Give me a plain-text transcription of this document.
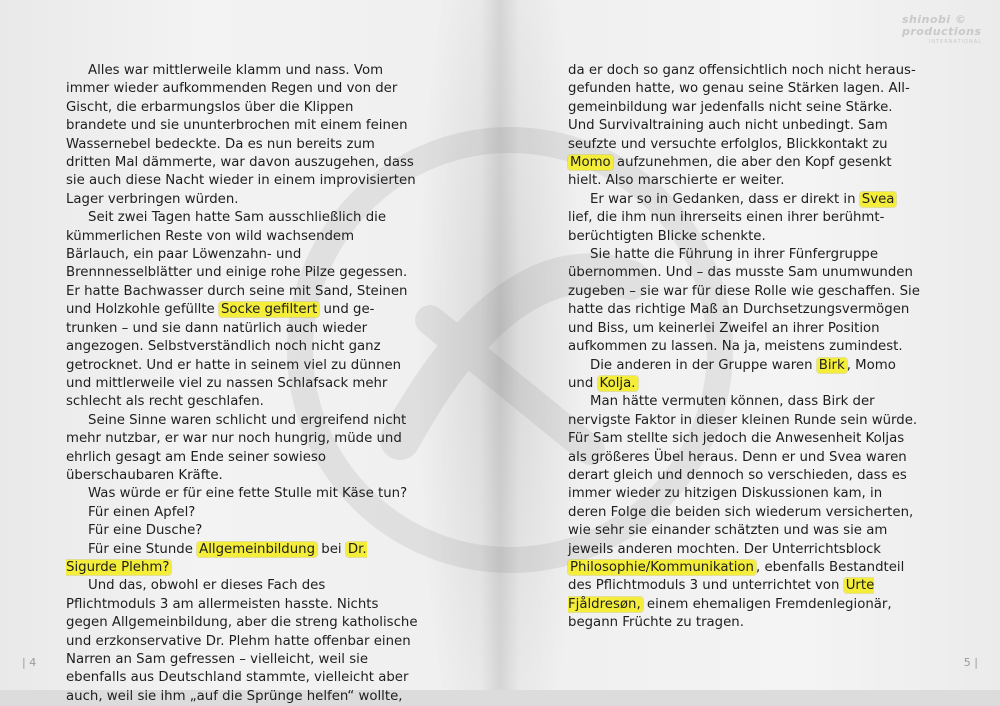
shinobi ©
productions
INTERNATIONAL

Alles war mittlerweile klamm und nass. Vom immer wieder aufkommenden Regen und von der Gischt, die erbarmungslos über die Klippen brandete und sie ununterbrochen mit einem feinen Wassernebel bedeckte. Da es nun bereits zum dritten Mal dämmerte, war davon auszugehen, dass sie auch diese Nacht wieder in einem improvisierten Lager verbringen würden.

Seit zwei Tagen hatte Sam ausschließlich die kümmerlichen Reste von wild wachsendem Bärlauch, ein paar Löwenzahn- und Brennnesselblätter und einige rohe Pilze gegessen. Er hatte Bachwasser durch seine mit Sand, Steinen und Holzkohle gefüllte Socke gefiltert und getrunken – und sie dann natürlich auch wieder angezogen. Selbstverständlich noch nicht ganz getrocknet. Und er hatte in seinem viel zu dünnen und mittlerweile viel zu nassen Schlafsack mehr schlecht als recht geschlafen.

Seine Sinne waren schlicht und ergreifend nicht mehr nutzbar, er war nur noch hungrig, müde und ehrlich gesagt am Ende seiner sowieso überschaubaren Kräfte.

Was würde er für eine fette Stulle mit Käse tun?

Für einen Apfel?

Für eine Dusche?

Für eine Stunde Allgemeinbildung bei Dr. Sigurde Plehm?

Und das, obwohl er dieses Fach des Pflichtmoduls 3 am allermeisten hasste. Nichts gegen Allgemeinbildung, aber die streng katholische und erzkonservative Dr. Plehm hatte offenbar einen Narren an Sam gefressen – vielleicht, weil sie ebenfalls aus Deutschland stammte, vielleicht aber auch, weil sie ihm „auf die Sprünge helfen“ wollte,

da er doch so ganz offensichtlich noch nicht herausgefunden hatte, wo genau seine Stärken lagen. Allgemeinbildung war jedenfalls nicht seine Stärke. Und Survivaltraining auch nicht unbedingt. Sam seufzte und versuchte erfolglos, Blickkontakt zu Momo aufzunehmen, die aber den Kopf gesenkt hielt. Also marschierte er weiter.

Er war so in Gedanken, dass er direkt in Svea lief, die ihm nun ihrerseits einen ihrer berühmt-berüchtigten Blicke schenkte.

Sie hatte die Führung in ihrer Fünfergruppe übernommen. Und – das musste Sam unumwunden zugeben – sie war für diese Rolle wie geschaffen. Sie hatte das richtige Maß an Durchsetzungsvermögen und Biss, um keinerlei Zweifel an ihrer Position aufkommen zu lassen. Na ja, meistens zumindest.

Die anderen in der Gruppe waren Birk , Momo und Kolja.

Man hätte vermuten können, dass Birk der nervigste Faktor in dieser kleinen Runde sein würde. Für Sam stellte sich jedoch die Anwesenheit Koljas als größeres Übel heraus. Denn er und Svea waren derart gleich und dennoch so verschieden, dass es immer wieder zu hitzigen Diskussionen kam, in deren Folge die beiden sich wiederum versicherten, wie sehr sie einander schätzten und was sie am jeweils anderen mochten. Der Unterrichtsblock Philosophie/Kommunikation , ebenfalls Bestandteil des Pflichtmoduls 3 und unterrichtet von Urte Fjåldresøn, einem ehemaligen Fremdenlegionär, begann Früchte zu tragen.

| 4	5 |
